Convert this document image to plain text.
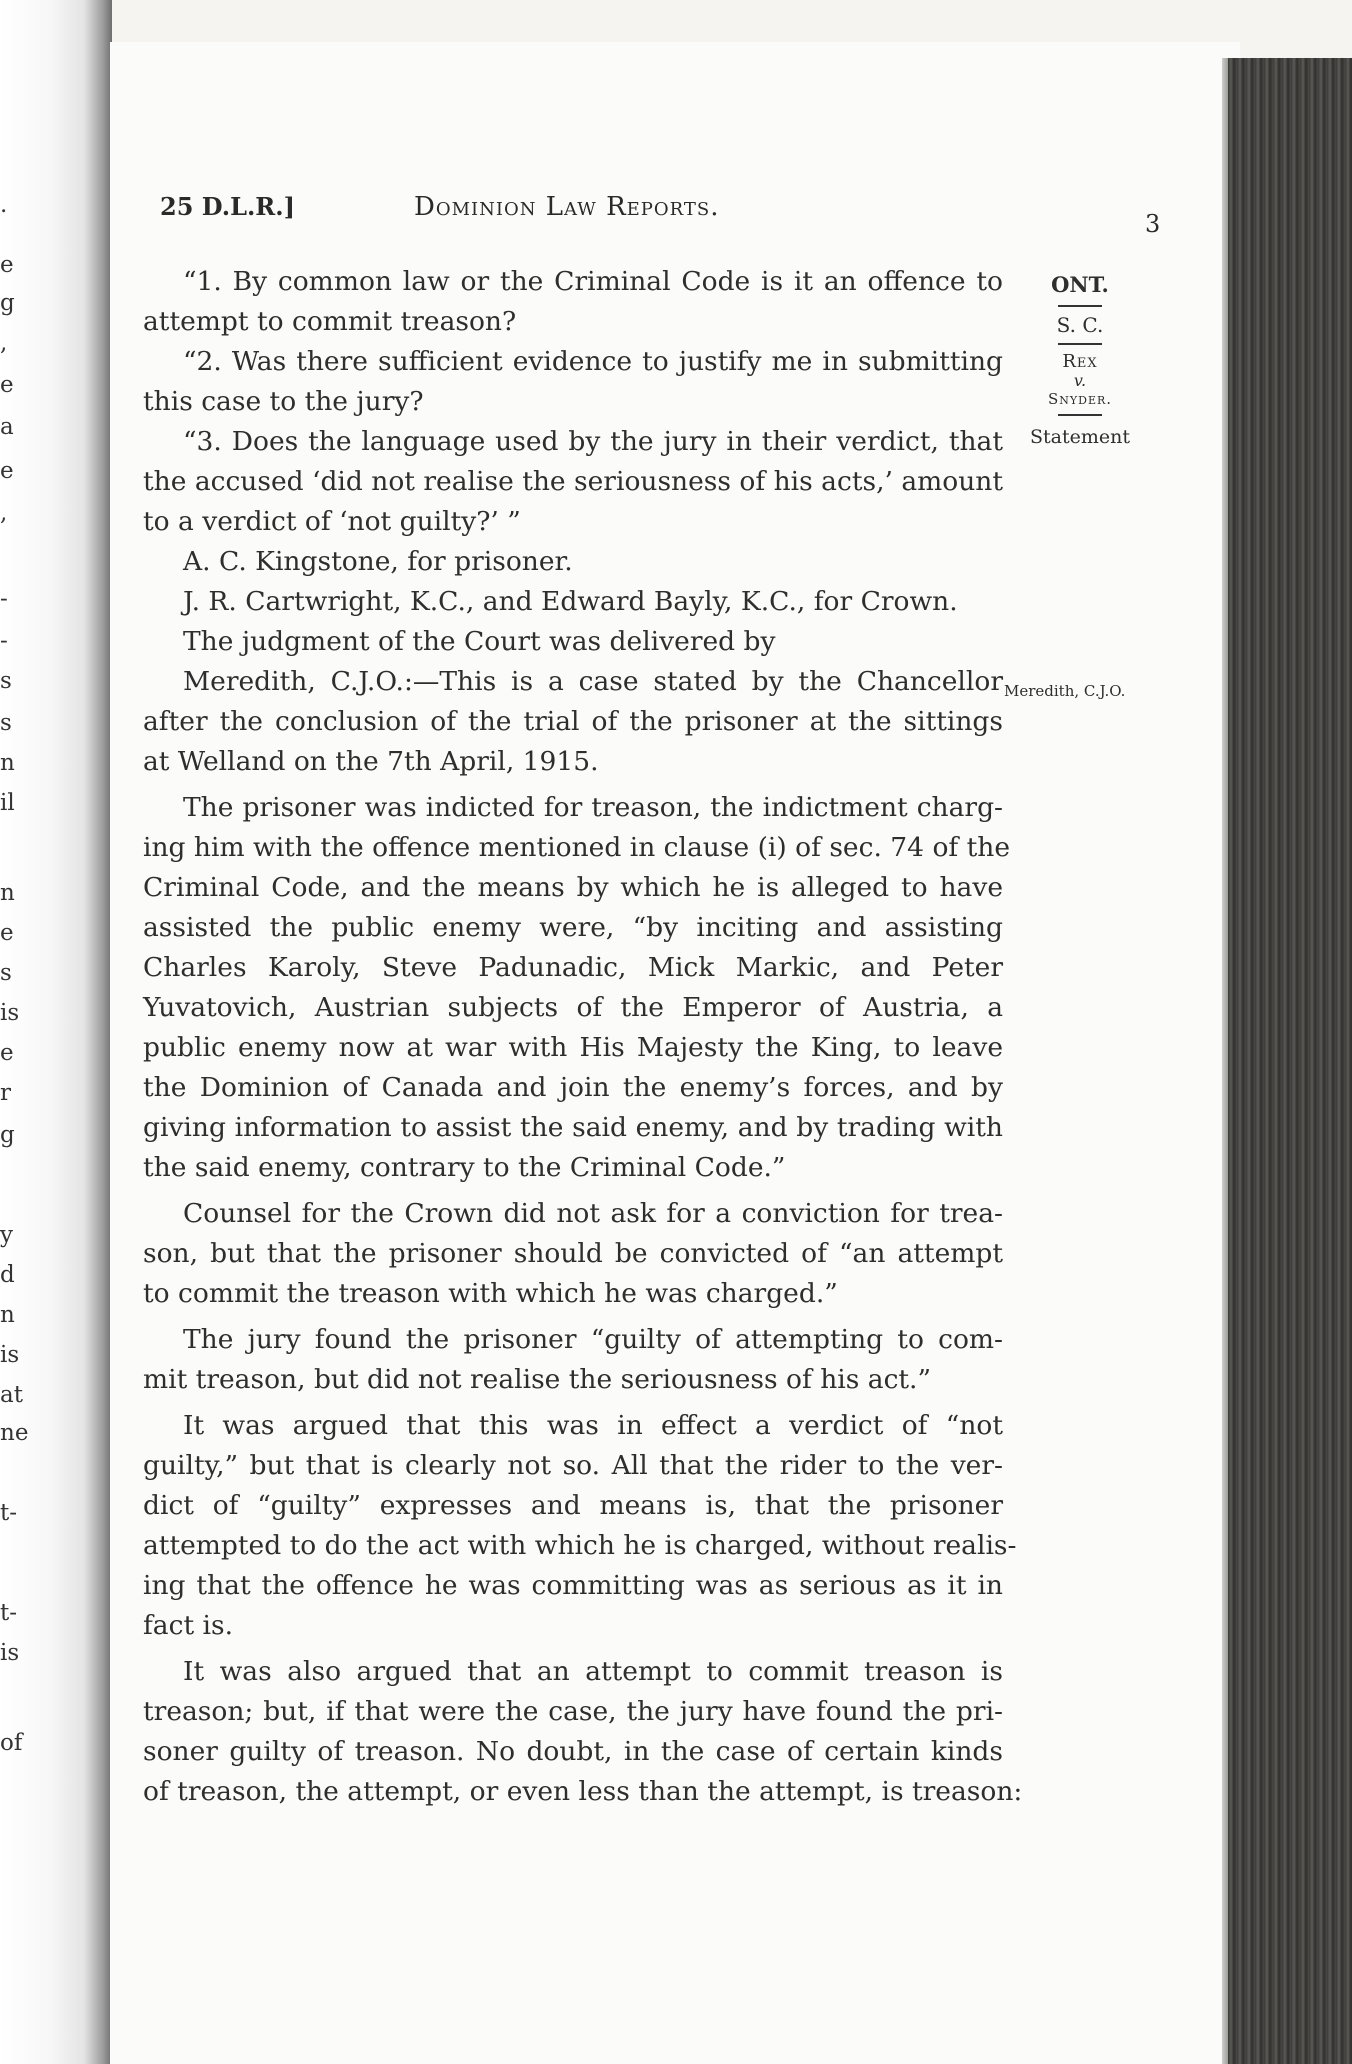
.
e
g
,
e
a
e
,
-
-
s
s
n
il
n
e
s
is
e
r
g
y
d
n
is
at
ne
t-
t-
is
of
25 D.L.R.]	Dominion Law Reports.
3
ONT.
S. C.
Rex
v.
Snyder.
Statement
Meredith, C.J.O.
“1. By common law or the Criminal Code is it an offence to
attempt to commit treason?
“2. Was there sufficient evidence to justify me in submitting
this case to the jury?
“3. Does the language used by the jury in their verdict, that
the accused ‘did not realise the seriousness of his acts,’ amount
to a verdict of ‘not guilty?’ ”
A. C. Kingstone, for prisoner.
J. R. Cartwright, K.C., and Edward Bayly, K.C., for Crown.
The judgment of the Court was delivered by
Meredith, C.J.O.:—This is a case stated by the Chancellor
after the conclusion of the trial of the prisoner at the sittings
at Welland on the 7th April, 1915.
The prisoner was indicted for treason, the indictment charg-
ing him with the offence mentioned in clause (i) of sec. 74 of the
Criminal Code, and the means by which he is alleged to have
assisted the public enemy were, “by inciting and assisting
Charles Karoly, Steve Padunadic, Mick Markic, and Peter
Yuvatovich, Austrian subjects of the Emperor of Austria, a
public enemy now at war with His Majesty the King, to leave
the Dominion of Canada and join the enemy’s forces, and by
giving information to assist the said enemy, and by trading with
the said enemy, contrary to the Criminal Code.”
Counsel for the Crown did not ask for a conviction for trea-
son, but that the prisoner should be convicted of “an attempt
to commit the treason with which he was charged.”
The jury found the prisoner “guilty of attempting to com-
mit treason, but did not realise the seriousness of his act.”
It was argued that this was in effect a verdict of “not
guilty,” but that is clearly not so. All that the rider to the ver-
dict of “guilty” expresses and means is, that the prisoner
attempted to do the act with which he is charged, without realis-
ing that the offence he was committing was as serious as it in
fact is.
It was also argued that an attempt to commit treason is
treason; but, if that were the case, the jury have found the pri-
soner guilty of treason. No doubt, in the case of certain kinds
of treason, the attempt, or even less than the attempt, is treason:
